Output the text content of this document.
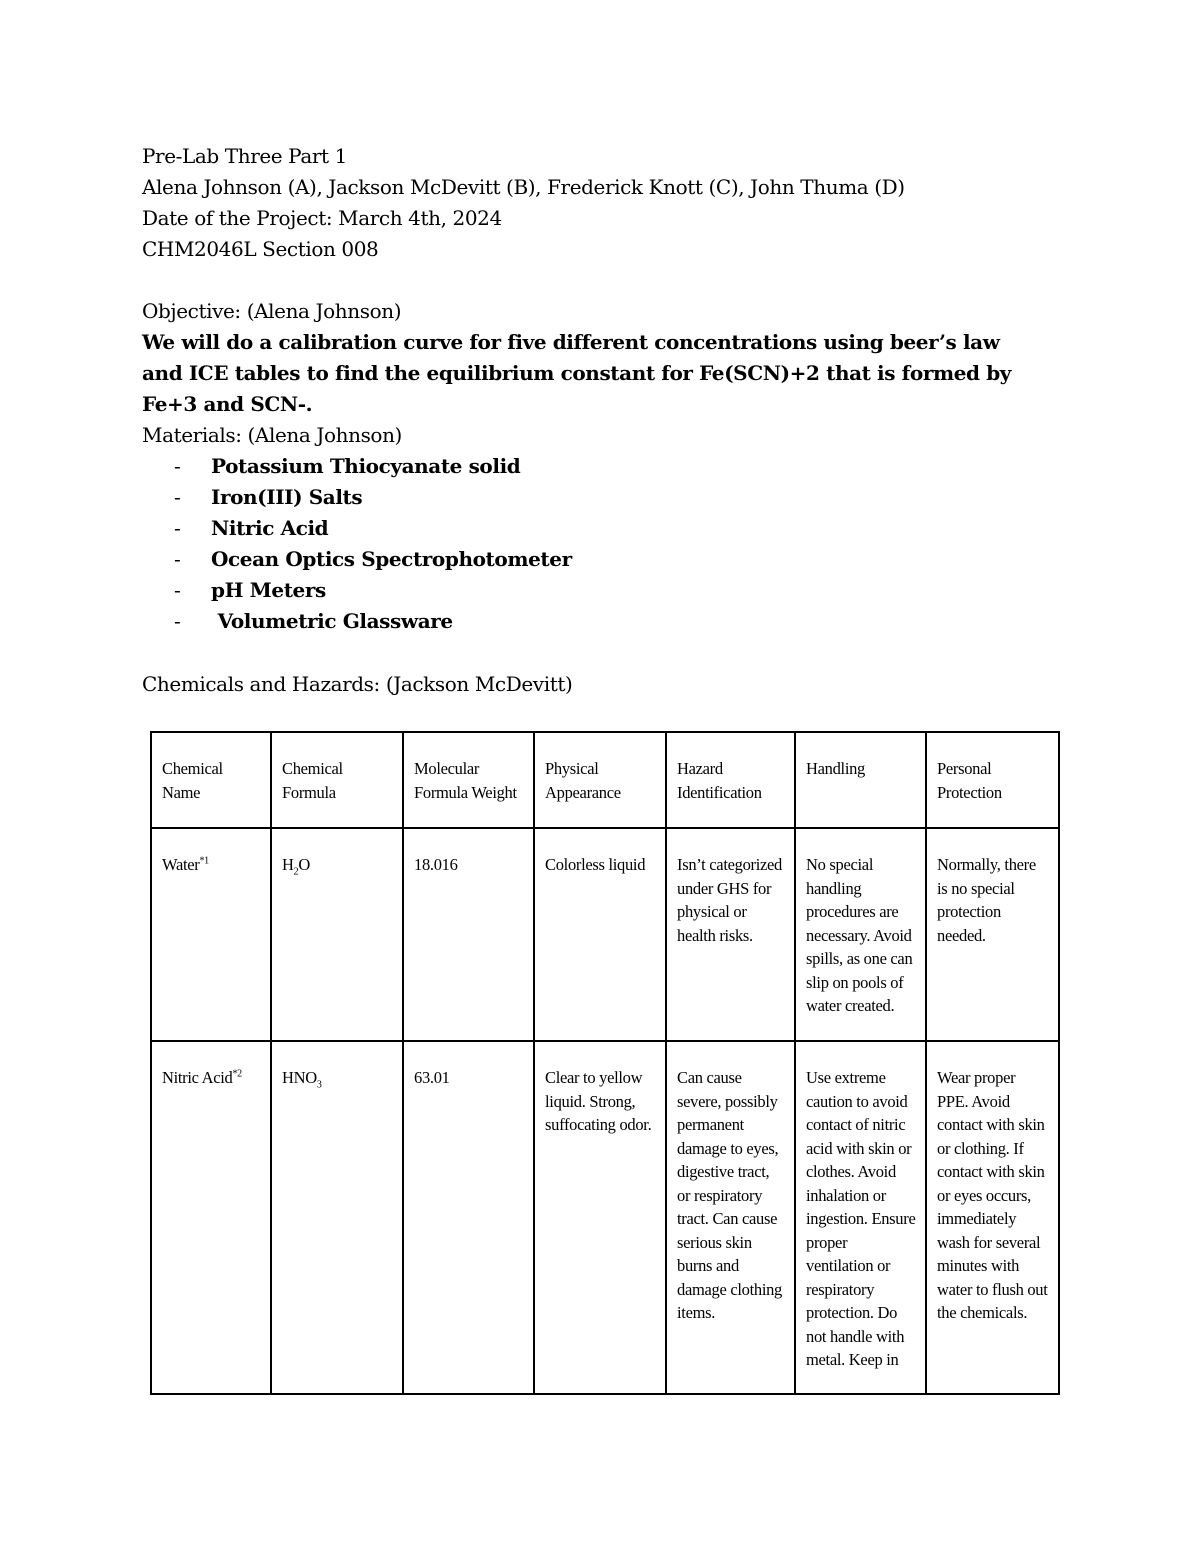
Pre-Lab Three Part 1
Alena Johnson (A), Jackson McDevitt (B), Frederick Knott (C), John Thuma (D)
Date of the Project: March 4th, 2024
CHM2046L Section 008
Objective: (Alena Johnson)
We will do a calibration curve for five different concentrations using beer’s law and ICE tables to find the equilibrium constant for Fe(SCN)+2 that is formed by Fe+3 and SCN-.
Materials: (Alena Johnson)
- Potassium Thiocyanate solid
- Iron(III) Salts
- Nitric Acid
- Ocean Optics Spectrophotometer
- pH Meters
- Volumetric Glassware
Chemicals and Hazards: (Jackson McDevitt)
Chemical Name	Chemical Formula	Molecular Formula Weight	Physical Appearance	Hazard Identification	Handling	Personal Protection
Water$^{*1}$	$H_2O$	18.016	Colorless liquid	Isn’t categorized under GHS for physical or health risks.	No special handling procedures are necessary. Avoid spills, as one can slip on pools of water created.	Normally, there is no special protection needed.
Nitric Acid$^{*2}$	$HNO_3$	63.01	Clear to yellow liquid. Strong, suffocating odor.	Can cause severe, possibly permanent damage to eyes, digestive tract, or respiratory tract. Can cause serious skin burns and damage clothing items.	Use extreme caution to avoid contact of nitric acid with skin or clothes. Avoid inhalation or ingestion. Ensure proper ventilation or respiratory protection. Do not handle with metal. Keep in	Wear proper PPE. Avoid contact with skin or clothing. If contact with skin or eyes occurs, immediately wash for several minutes with water to flush out the chemicals.
